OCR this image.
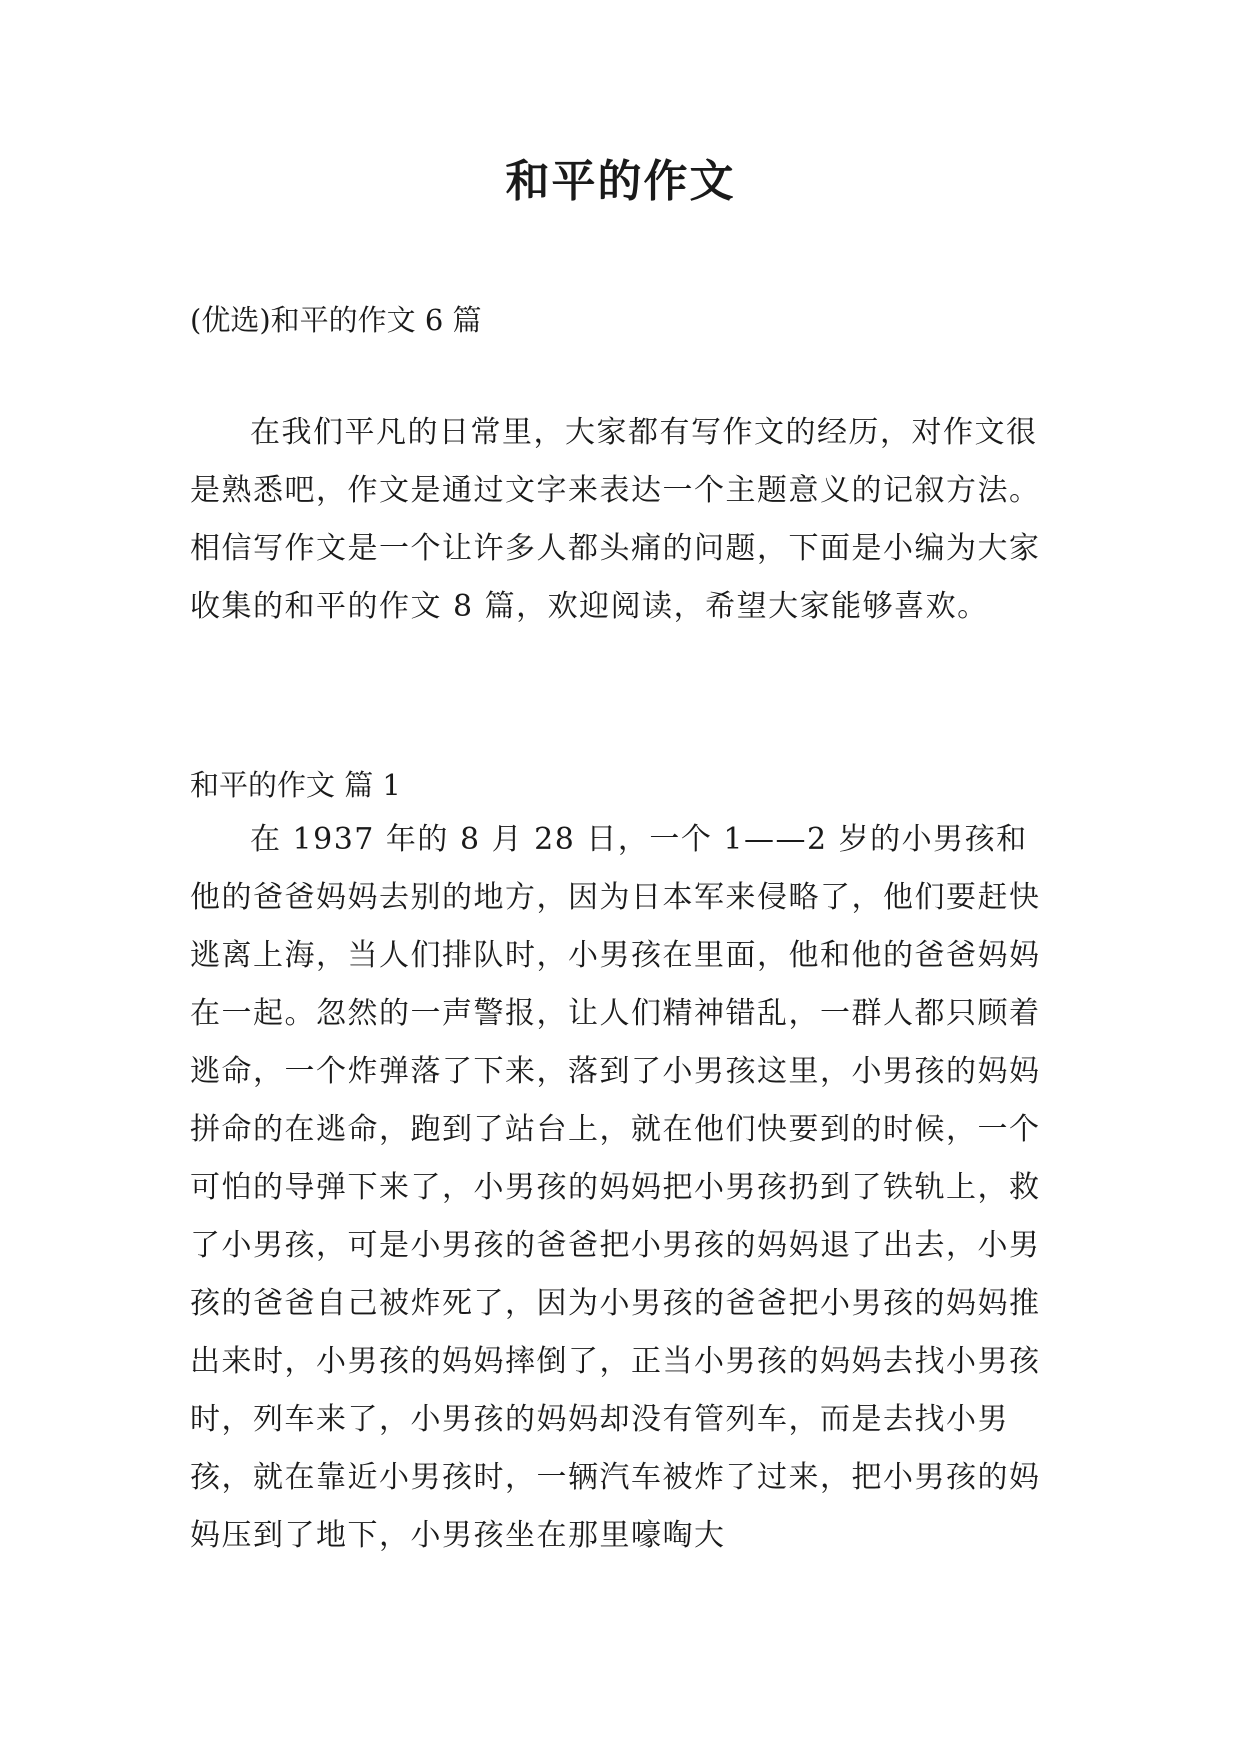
和平的作文
(优选)和平的作文 6 篇

在我们平凡的日常里，大家都有写作文的经历，对作文很是熟悉吧，作文是通过文字来表达一个主题意义的记叙方法。相信写作文是一个让许多人都头痛的问题，下面是小编为大家收集的和平的作文 8 篇，欢迎阅读，希望大家能够喜欢。

和平的作文 篇 1

在 1937 年的 8 月 28 日，一个 1——2 岁的小男孩和他的爸爸妈妈去别的地方，因为日本军来侵略了，他们要赶快逃离上海，当人们排队时，小男孩在里面，他和他的爸爸妈妈在一起。忽然的一声警报，让人们精神错乱，一群人都只顾着逃命，一个炸弹落了下来，落到了小男孩这里，小男孩的妈妈拼命的在逃命，跑到了站台上，就在他们快要到的时候，一个可怕的导弹下来了，小男孩的妈妈把小男孩扔到了铁轨上，救了小男孩，可是小男孩的爸爸把小男孩的妈妈退了出去，小男孩的爸爸自己被炸死了，因为小男孩的爸爸把小男孩的妈妈推出来时，小男孩的妈妈摔倒了，正当小男孩的妈妈去找小男孩时，列车来了，小男孩的妈妈却没有管列车，而是去找小男孩，就在靠近小男孩时，一辆汽车被炸了过来，把小男孩的妈妈压到了地下，小男孩坐在那里嚎啕大
